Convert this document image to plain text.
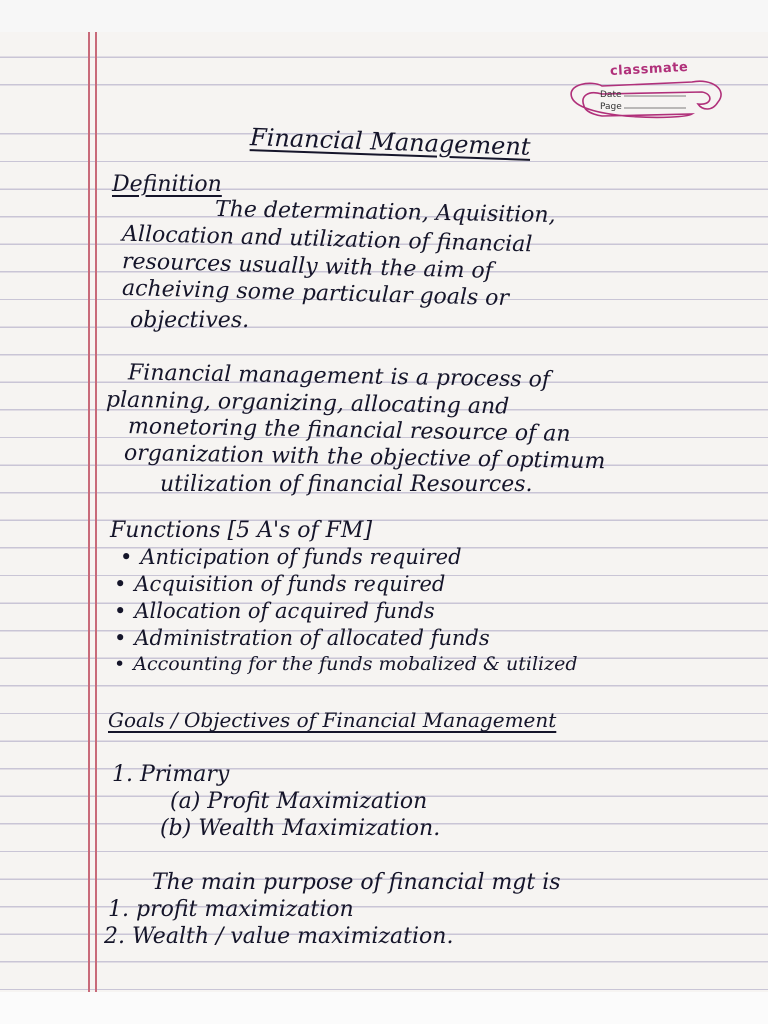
classmate
Date
Page
Financial Management
Definition
The determination, Aquisition,
Allocation and utilization of financial
resources usually with the aim of
acheiving some particular goals or
objectives.
Financial management is a process of
planning, organizing, allocating and
monetoring the financial resource of an
organization with the objective of optimum
utilization of financial Resources.
Functions [5 A's of FM]
• Anticipation of funds required
• Acquisition of funds required
• Allocation of acquired funds
• Administration of allocated funds
• Accounting for the funds mobalized & utilized
Goals / Objectives of Financial Management
1. Primary
(a) Profit Maximization
(b) Wealth Maximization.
The main purpose of financial mgt is
1. profit maximization
2. Wealth / value maximization.
